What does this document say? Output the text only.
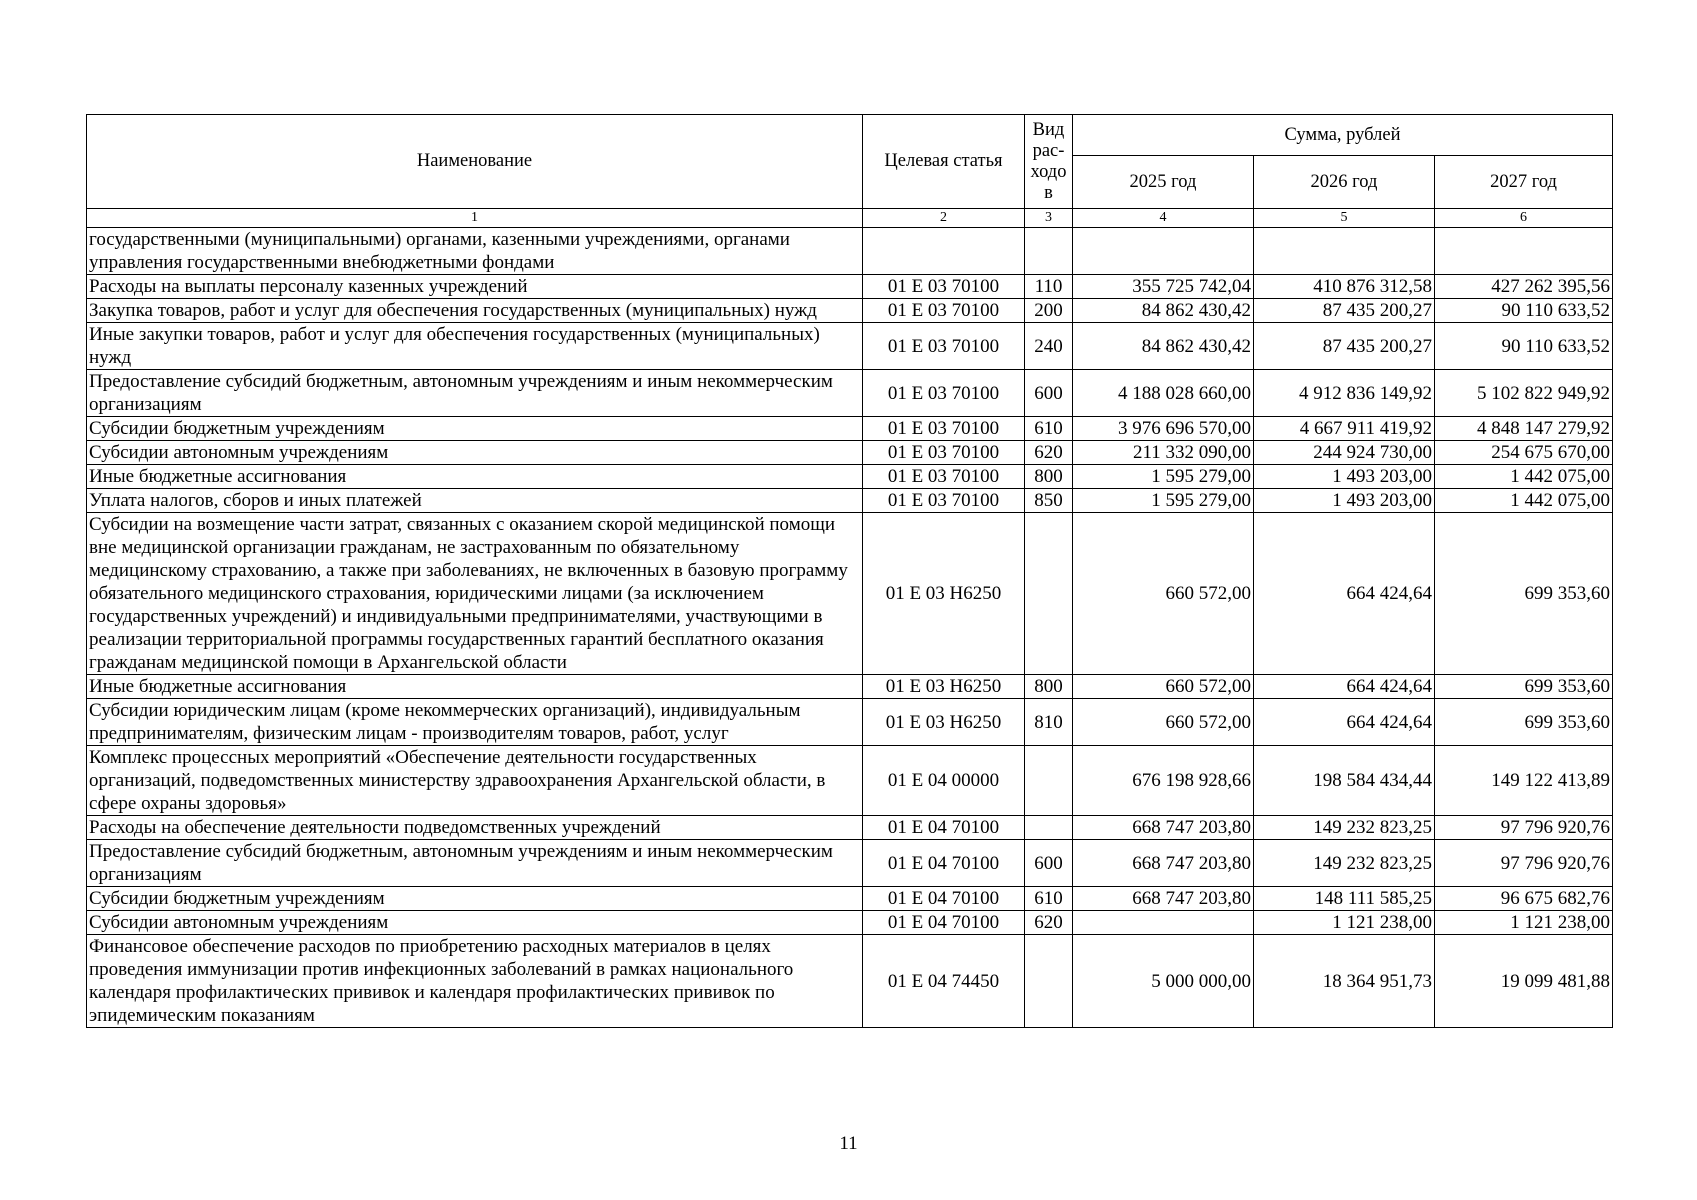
Наименование	Целевая статья	Вид рас-ходов	Сумма, рублей		
			2025 год	2026 год	2027 год
1	2	3	4	5	6
государственными (муниципальными) органами, казенными учреждениями, органами управления государственными внебюджетными фондами					
Расходы на выплаты персоналу казенных учреждений	01 Е 03 70100	110	355 725 742,04	410 876 312,58	427 262 395,56
Закупка товаров, работ и услуг для обеспечения государственных (муниципальных) нужд	01 Е 03 70100	200	84 862 430,42	87 435 200,27	90 110 633,52
Иные закупки товаров, работ и услуг для обеспечения государственных (муниципальных) нужд	01 Е 03 70100	240	84 862 430,42	87 435 200,27	90 110 633,52
Предоставление субсидий бюджетным, автономным учреждениям и иным некоммерческим организациям	01 Е 03 70100	600	4 188 028 660,00	4 912 836 149,92	5 102 822 949,92
Субсидии бюджетным учреждениям	01 Е 03 70100	610	3 976 696 570,00	4 667 911 419,92	4 848 147 279,92
Субсидии автономным учреждениям	01 Е 03 70100	620	211 332 090,00	244 924 730,00	254 675 670,00
Иные бюджетные ассигнования	01 Е 03 70100	800	1 595 279,00	1 493 203,00	1 442 075,00
Уплата налогов, сборов и иных платежей	01 Е 03 70100	850	1 595 279,00	1 493 203,00	1 442 075,00
Субсидии на возмещение части затрат, связанных с оказанием скорой медицинской помощи вне медицинской организации гражданам, не застрахованным по обязательному медицинскому страхованию, а также при заболеваниях, не включенных в базовую программу обязательного медицинского страхования, юридическими лицами (за исключением государственных учреждений) и индивидуальными предпринимателями, участвующими в реализации территориальной программы государственных гарантий бесплатного оказания гражданам медицинской помощи в Архангельской области	01 Е 03 Н6250		660 572,00	664 424,64	699 353,60
Иные бюджетные ассигнования	01 Е 03 Н6250	800	660 572,00	664 424,64	699 353,60
Субсидии юридическим лицам (кроме некоммерческих организаций), индивидуальным предпринимателям, физическим лицам - производителям товаров, работ, услуг	01 Е 03 Н6250	810	660 572,00	664 424,64	699 353,60
Комплекс процессных мероприятий «Обеспечение деятельности государственных организаций, подведомственных министерству здравоохранения Архангельской области, в сфере охраны здоровья»	01 Е 04 00000		676 198 928,66	198 584 434,44	149 122 413,89
Расходы на обеспечение деятельности подведомственных учреждений	01 Е 04 70100		668 747 203,80	149 232 823,25	97 796 920,76
Предоставление субсидий бюджетным, автономным учреждениям и иным некоммерческим организациям	01 Е 04 70100	600	668 747 203,80	149 232 823,25	97 796 920,76
Субсидии бюджетным учреждениям	01 Е 04 70100	610	668 747 203,80	148 111 585,25	96 675 682,76
Субсидии автономным учреждениям	01 Е 04 70100	620		1 121 238,00	1 121 238,00
Финансовое обеспечение расходов по приобретению расходных материалов в целях проведения иммунизации против инфекционных заболеваний в рамках национального календаря профилактических прививок и календаря профилактических прививок по эпидемическим показаниям	01 Е 04 74450		5 000 000,00	18 364 951,73	19 099 481,88
11
